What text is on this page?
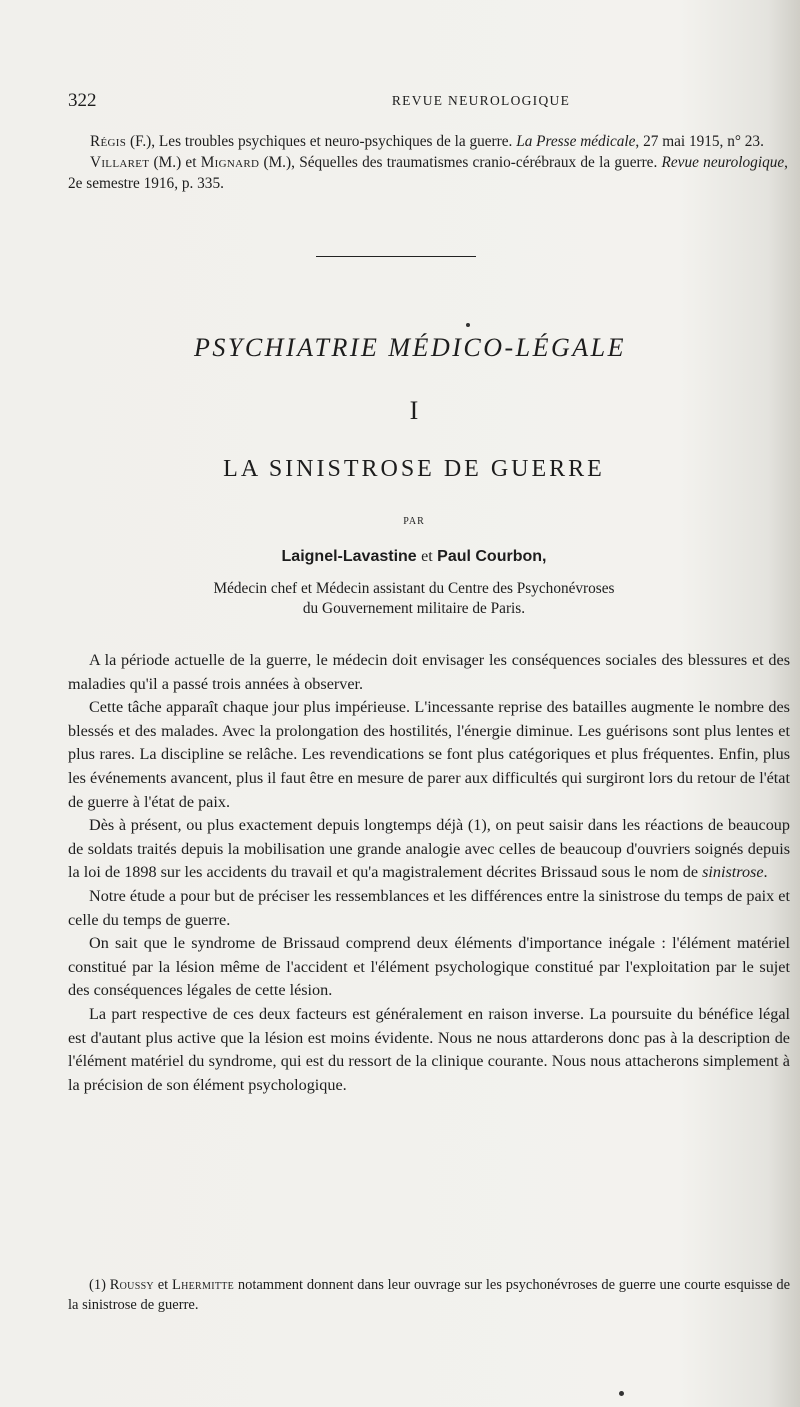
322	REVUE NEUROLOGIQUE

Régis (F.), Les troubles psychiques et neuro-psychiques de la guerre. La Presse médicale, 27 mai 1915, n° 23.

Villaret (M.) et Mignard (M.), Séquelles des traumatismes cranio-cérébraux de la guerre. Revue neurologique, 2e semestre 1916, p. 335.

PSYCHIATRIE MÉDICO-LÉGALE
I
LA SINISTROSE DE GUERRE
PAR
Laignel-Lavastine et Paul Courbon,
Médecin chef et Médecin assistant du Centre des Psychonévroses
du Gouvernement militaire de Paris.

A la période actuelle de la guerre, le médecin doit envisager les conséquences sociales des blessures et des maladies qu'il a passé trois années à observer.

Cette tâche apparaît chaque jour plus impérieuse. L'incessante reprise des batailles augmente le nombre des blessés et des malades. Avec la prolongation des hostilités, l'énergie diminue. Les guérisons sont plus lentes et plus rares. La discipline se relâche. Les revendications se font plus catégoriques et plus fréquentes. Enfin, plus les événements avancent, plus il faut être en mesure de parer aux difficultés qui surgiront lors du retour de l'état de guerre à l'état de paix.

Dès à présent, ou plus exactement depuis longtemps déjà (1), on peut saisir dans les réactions de beaucoup de soldats traités depuis la mobilisation une grande analogie avec celles de beaucoup d'ouvriers soignés depuis la loi de 1898 sur les accidents du travail et qu'a magistralement décrites Brissaud sous le nom de sinistrose.

Notre étude a pour but de préciser les ressemblances et les différences entre la sinistrose du temps de paix et celle du temps de guerre.

On sait que le syndrome de Brissaud comprend deux éléments d'importance inégale : l'élément matériel constitué par la lésion même de l'accident et l'élément psychologique constitué par l'exploitation par le sujet des conséquences légales de cette lésion.

La part respective de ces deux facteurs est généralement en raison inverse. La poursuite du bénéfice légal est d'autant plus active que la lésion est moins évidente. Nous ne nous attarderons donc pas à la description de l'élément matériel du syndrome, qui est du ressort de la clinique courante. Nous nous attacherons simplement à la précision de son élément psychologique.

(1) Roussy et Lhermitte notamment donnent dans leur ouvrage sur les psychonévroses de guerre une courte esquisse de la sinistrose de guerre.
